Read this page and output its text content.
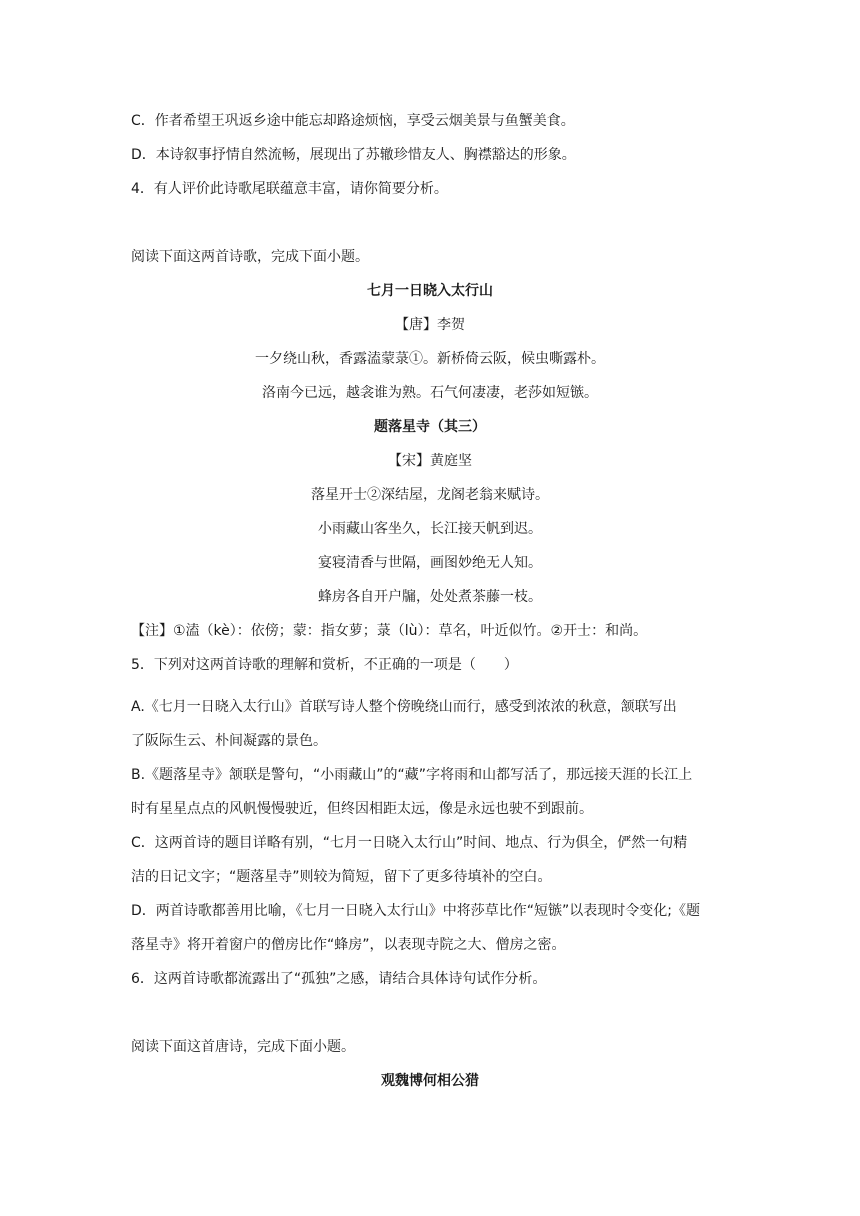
C．作者希望王巩返乡途中能忘却路途烦恼，享受云烟美景与鱼蟹美食。
D．本诗叙事抒情自然流畅，展现出了苏辙珍惜友人、胸襟豁达的形象。
4．有人评价此诗歌尾联蕴意丰富，请你简要分析。
阅读下面这两首诗歌，完成下面小题。
七月一日晓入太行山
【唐】李贺
一夕绕山秋，香露溘蒙菉①。新桥倚云阪，候虫嘶露朴。
洛南今已远，越衾谁为熟。石气何凄凄，老莎如短镞。
题落星寺（其三）
【宋】黄庭坚
落星开士②深结屋，龙阁老翁来赋诗。
小雨藏山客坐久，长江接天帆到迟。
宴寝清香与世隔，画图妙绝无人知。
蜂房各自开户牖，处处煮茶藤一枝。
【注】①溘（kè）：依傍；蒙：指女萝；菉（lù）：草名，叶近似竹。②开士：和尚。
5．下列对这两首诗歌的理解和赏析，不正确的一项是（　　）
A.《七月一日晓入太行山》首联写诗人整个傍晚绕山而行，感受到浓浓的秋意，颔联写出
了阪际生云、朴间凝露的景色。
B.《题落星寺》颔联是警句，“小雨藏山”的“藏”字将雨和山都写活了，那远接天涯的长江上
时有星星点点的风帆慢慢驶近，但终因相距太远，像是永远也驶不到跟前。
C．这两首诗的题目详略有别，“七月一日晓入太行山”时间、地点、行为俱全，俨然一句精
洁的日记文字；“题落星寺”则较为简短，留下了更多待填补的空白。
D．两首诗歌都善用比喻，《七月一日晓入太行山》中将莎草比作“短镞”以表现时令变化;《题
落星寺》将开着窗户的僧房比作“蜂房”，以表现寺院之大、僧房之密。
6．这两首诗歌都流露出了“孤独”之感，请结合具体诗句试作分析。
阅读下面这首唐诗，完成下面小题。
观魏博何相公猎
